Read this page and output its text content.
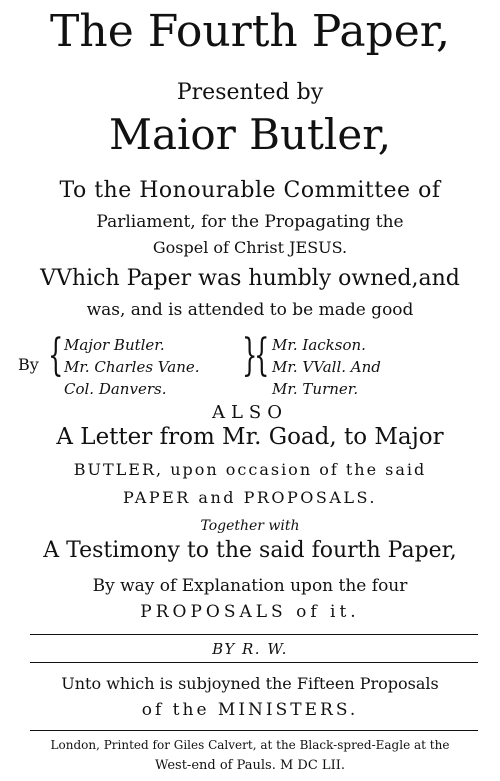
The Fourth Paper,
Presented by
Maior Butler,
To the Honourable Committee of
Parliament, for the Propagating the
Gospel of Christ JESUS.
VVhich Paper was humbly owned,and
was, and is attended to be made good
By { Major Butler.
Mr. Charles Vane.
Col. Danvers.
}
{ Mr. Iackson.
Mr. VVall. And
Mr. Turner.
ALSO
A Letter from Mr. Goad, to Major
BUTLER, upon occasion of the said
PAPER and PROPOSALS.
Together with
A Testimony to the said fourth Paper,
By way of Explanation upon the four
PROPOSALS of it.
BY R. W.
Unto which is subjoyned the Fifteen Proposals
of the MINISTERS.
London, Printed for Giles Calvert, at the Black-spred-Eagle at the
West-end of Pauls. M DC LII.
